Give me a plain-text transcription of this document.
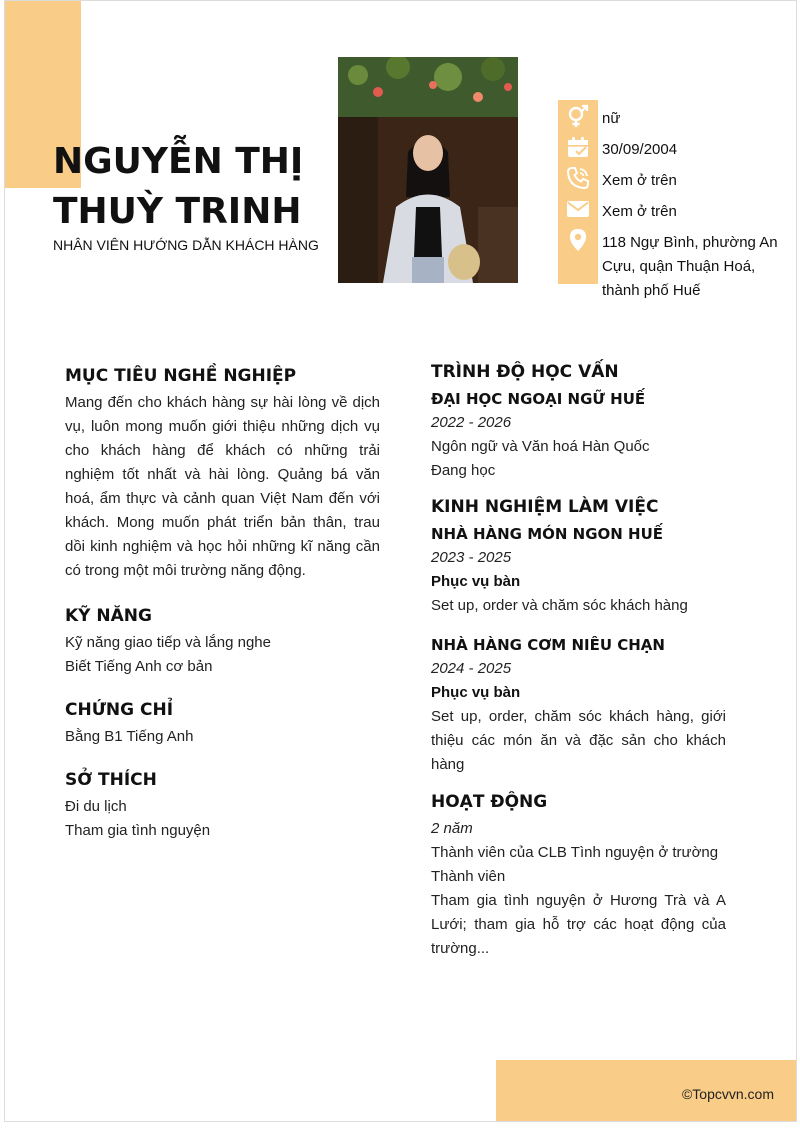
NGUYỄN THỊ
THUỲ TRINH
NHÂN VIÊN HƯỚNG DẪN KHÁCH HÀNG
nữ
30/09/2004
Xem ở trên
Xem ở trên
118 Ngự Bình, phường An Cựu, quận Thuận Hoá, thành phố Huế
MỤC TIÊU NGHỀ NGHIỆP

Mang đến cho khách hàng sự hài lòng về dịch vụ, luôn mong muốn giới thiệu những dịch vụ cho khách hàng để khách có những trải nghiệm tốt nhất và hài lòng. Quảng bá văn hoá, ẩm thực và cảnh quan Việt Nam đến với khách. Mong muốn phát triển bản thân, trau dồi kinh nghiệm và học hỏi những kĩ năng cần có trong một môi trường năng động.

KỸ NĂNG
Kỹ năng giao tiếp và lắng nghe
Biết Tiếng Anh cơ bản
CHỨNG CHỈ
Bằng B1 Tiếng Anh
SỞ THÍCH
Đi du lịch
Tham gia tình nguyện
TRÌNH ĐỘ HỌC VẤN
ĐẠI HỌC NGOẠI NGỮ HUẾ
2022 - 2026
Ngôn ngữ và Văn hoá Hàn Quốc
Đang học
KINH NGHIỆM LÀM VIỆC
NHÀ HÀNG MÓN NGON HUẾ
2023 - 2025
Phục vụ bàn
Set up, order và chăm sóc khách hàng
NHÀ HÀNG CƠM NIÊU CHẠN
2024 - 2025
Phục vụ bàn
Set up, order, chăm sóc khách hàng, giới thiệu các món ăn và đặc sản cho khách hàng
HOẠT ĐỘNG
2 năm
Thành viên của CLB Tình nguyện ở trường
Thành viên
Tham gia tình nguyện ở Hương Trà và A Lưới; tham gia hỗ trợ các hoạt động của trường...
©Topcvvn.com
